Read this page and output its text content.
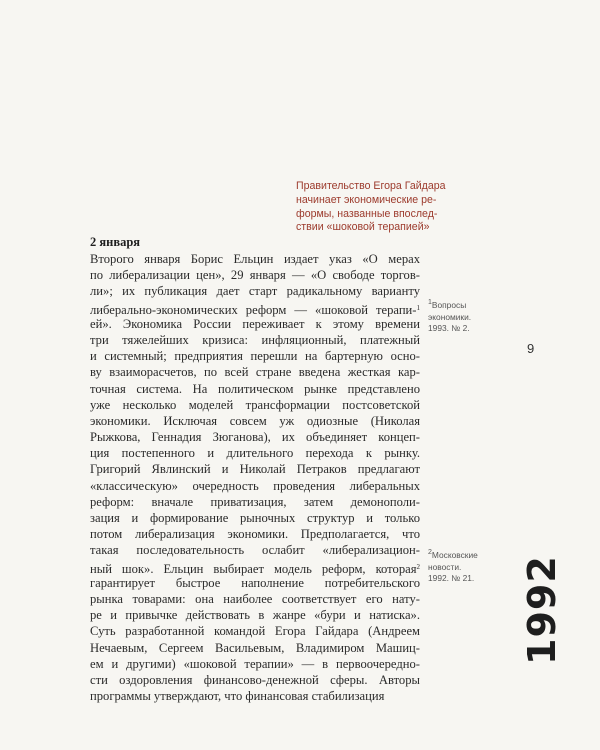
Правительство Егора Гайдара
начинает экономические ре-
формы, названные впослед-
ствии «шоковой терапией»
2 января
Второго января Борис Ельцин издает указ «О мерах
по либерализации цен», 29 января — «О свободе торгов-
ли»; их публикация дает старт радикальному варианту
либерально-экономических реформ — «шоковой терапи-$^1$
ей». Экономика России переживает к этому времени
три тяжелейших кризиса: инфляционный, платежный
и системный; предприятия перешли на бартерную осно-
ву взаиморасчетов, по всей стране введена жесткая кар-
точная система. На политическом рынке представлено
уже несколько моделей трансформации постсоветской
экономики. Исключая совсем уж одиозные (Николая
Рыжкова, Геннадия Зюганова), их объединяет концеп-
ция постепенного и длительного перехода к рынку.
Григорий Явлинский и Николай Петраков предлагают
«классическую» очередность проведения либеральных
реформ: вначале приватизация, затем демонополи-
зация и формирование рыночных структур и только
потом либерализация экономики. Предполагается, что
такая последовательность ослабит «либерализацион-
ный шок». Ельцин выбирает модель реформ, которая$^2$
гарантирует быстрое наполнение потребительского
рынка товарами: она наиболее соответствует его нату-
ре и привычке действовать в жанре «бури и натиска».
Суть разработанной командой Егора Гайдара (Андреем
Нечаевым, Сергеем Васильевым, Владимиром Машиц-
ем и другими) «шоковой терапии» — в первоочередно-
сти оздоровления финансово-денежной сферы. Авторы
программы утверждают, что финансовая стабилизация
$^1$Вопросы
экономики.
1993. № 2.
$^2$Московские
новости.
1992. № 21.
9
1992
